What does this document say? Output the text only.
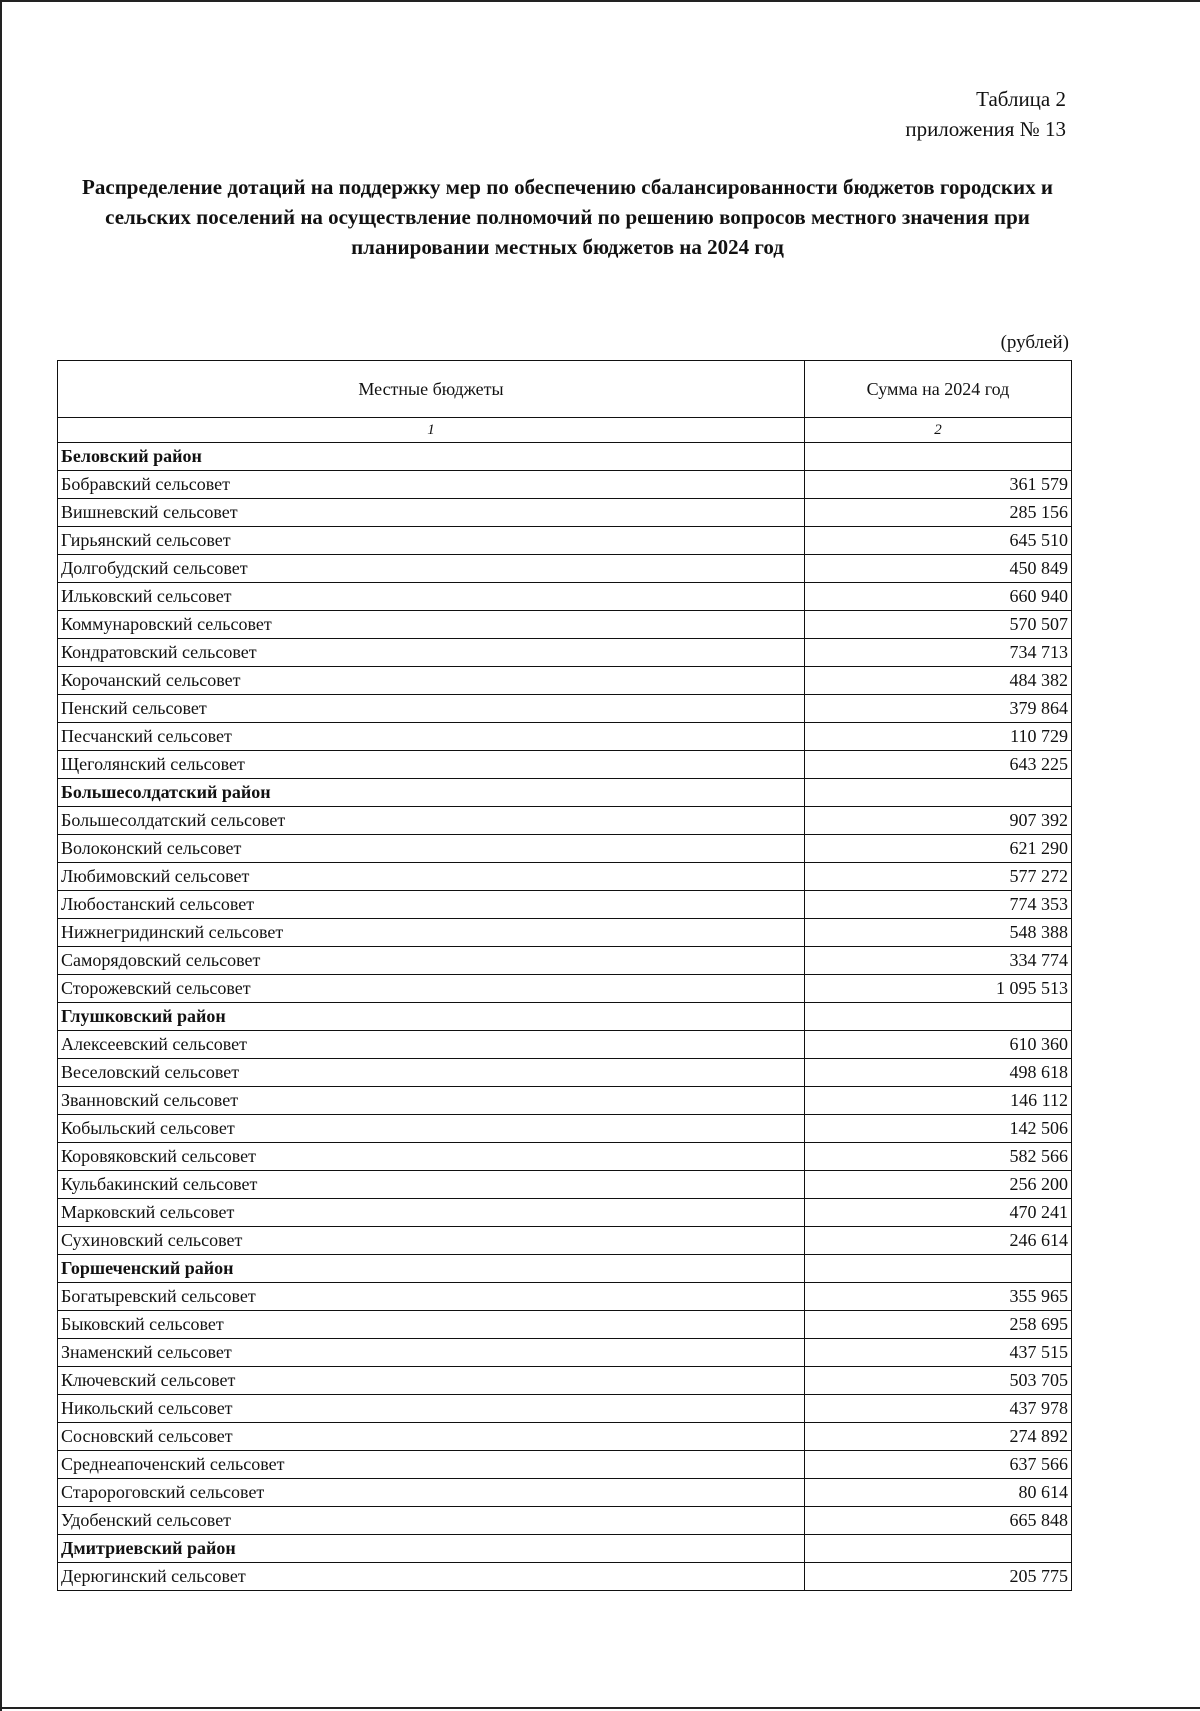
Таблица 2
приложения № 13
Распределение дотаций на поддержку мер по обеспечению сбалансированности бюджетов городских и сельских поселений на осуществление полномочий по решению вопросов местного значения при планировании местных бюджетов на 2024 год
(рублей)
Местные бюджеты	Сумма на 2024 год
1	2
Беловский район	
Бобравский сельсовет	361 579
Вишневский сельсовет	285 156
Гирьянский сельсовет	645 510
Долгобудский сельсовет	450 849
Ильковский сельсовет	660 940
Коммунаровский сельсовет	570 507
Кондратовский сельсовет	734 713
Корочанский сельсовет	484 382
Пенский сельсовет	379 864
Песчанский сельсовет	110 729
Щеголянский сельсовет	643 225
Большесолдатский район	
Большесолдатский сельсовет	907 392
Волоконский сельсовет	621 290
Любимовский сельсовет	577 272
Любостанский сельсовет	774 353
Нижнегридинский сельсовет	548 388
Саморядовский сельсовет	334 774
Сторожевский сельсовет	1 095 513
Глушковский район	
Алексеевский сельсовет	610 360
Веселовский сельсовет	498 618
Званновский сельсовет	146 112
Кобыльский сельсовет	142 506
Коровяковский сельсовет	582 566
Кульбакинский сельсовет	256 200
Марковский сельсовет	470 241
Сухиновский сельсовет	246 614
Горшеченский район	
Богатыревский сельсовет	355 965
Быковский сельсовет	258 695
Знаменский сельсовет	437 515
Ключевский сельсовет	503 705
Никольский сельсовет	437 978
Сосновский сельсовет	274 892
Среднеапоченский сельсовет	637 566
Старороговский сельсовет	80 614
Удобенский сельсовет	665 848
Дмитриевский район	
Дерюгинский сельсовет	205 775
